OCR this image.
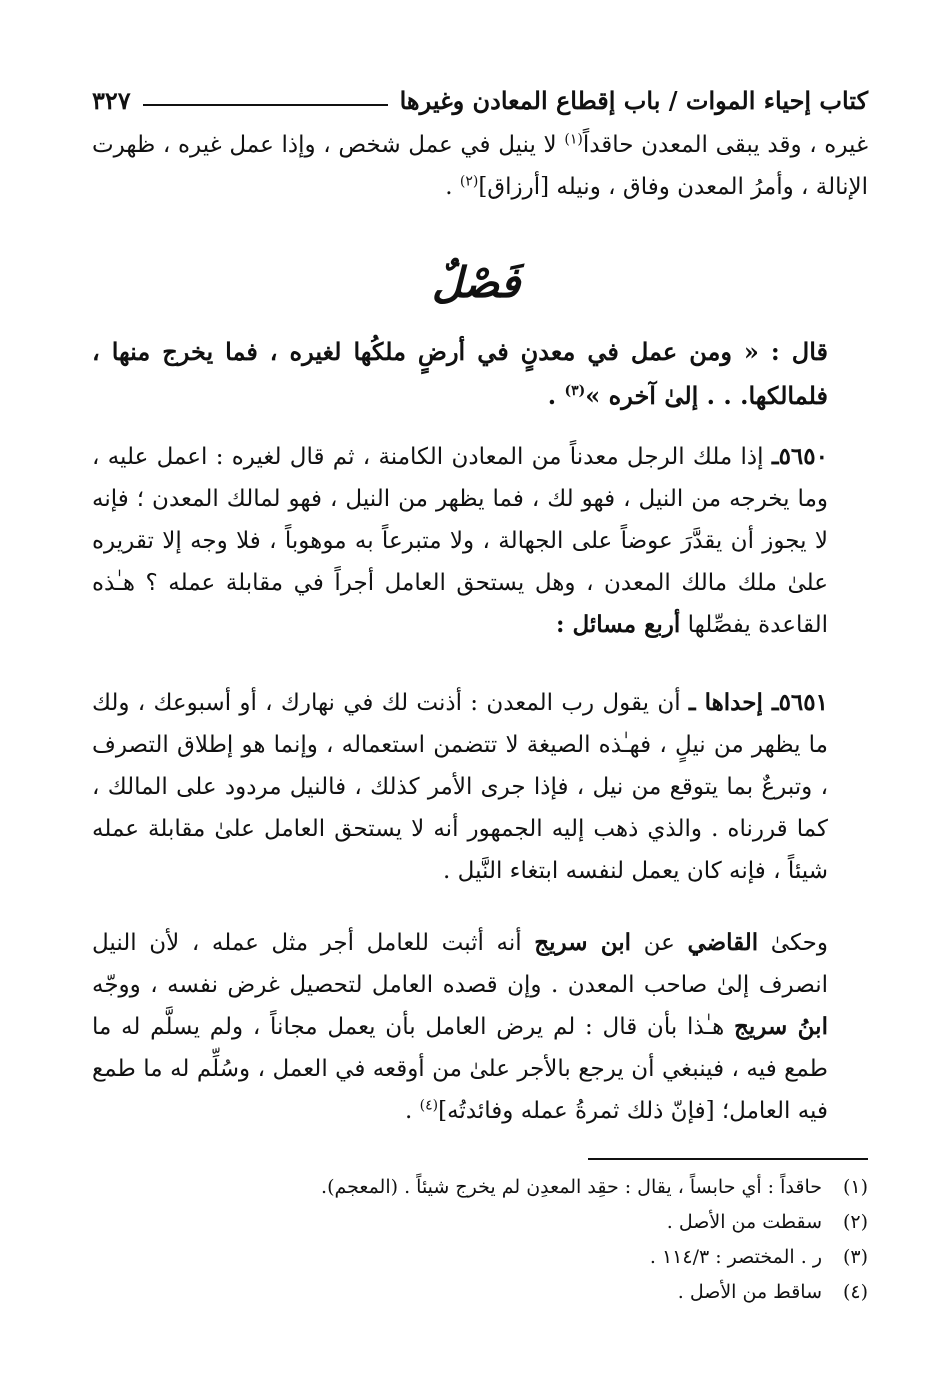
كتاب إحياء الموات / باب إقطاع المعادن وغيرها
٣٢٧

غيره ، وقد يبقى المعدن حاقداً$^{(١)}$ لا ينيل في عمل شخص ، وإذا عمل غيره ، ظهرت الإنالة ، وأمرُ المعدن وفاق ، ونيله [أرزاق]$^{(٢)}$ .

فَصْلٌ

قال : « ومن عمل في معدنٍ في أرضٍ ملكُها لغيره ، فما يخرج منها ، فلمالكها. . . إلىٰ آخره »$^{(٣)}$ .

٥٦٥٠ـ إذا ملك الرجل معدناً من المعادن الكامنة ، ثم قال لغيره : اعمل عليه ، وما يخرجه من النيل ، فهو لك ، فما يظهر من النيل ، فهو لمالك المعدن ؛ فإنه لا يجوز أن يقدَّرَ عوضاً على الجهالة ، ولا متبرعاً به موهوباً ، فلا وجه إلا تقريره علىٰ ملك مالك المعدن ، وهل يستحق العامل أجراً في مقابلة عمله ؟ هـٰذه القاعدة يفصِّلها أربع مسائل :

٥٦٥١ـ إحداها ـ أن يقول رب المعدن : أذنت لك في نهارك ، أو أسبوعك ، ولك ما يظهر من نيلٍ ، فهـٰذه الصيغة لا تتضمن استعماله ، وإنما هو إطلاق التصرف ، وتبرعٌ بما يتوقع من نيل ، فإذا جرى الأمر كذلك ، فالنيل مردود على المالك ، كما قررناه . والذي ذهب إليه الجمهور أنه لا يستحق العامل علىٰ مقابلة عمله شيئاً ، فإنه كان يعمل لنفسه ابتغاء النَّيل .

وحكىٰ القاضي عن ابن سريج أنه أثبت للعامل أجر مثل عمله ، لأن النيل انصرف إلىٰ صاحب المعدن . وإن قصده العامل لتحصيل غرض نفسه ، ووجّه ابنُ سريج هـٰذا بأن قال : لم يرض العامل بأن يعمل مجاناً ، ولم يسلَّم له ما طمع فيه ، فينبغي أن يرجع بالأجر علىٰ من أوقعه في العمل ، وسُلِّم له ما طمع فيه العامل؛ [فإنّ ذلك ثمرةُ عمله وفائدتُه]$^{(٤)}$ .

(١)
حاقداً : أي حابساً ، يقال : حقِد المعدِن لم يخرج شيئاً . (المعجم).
(٢)
سقطت من الأصل .
(٣)
ر . المختصر : ١١٤/٣ .
(٤)
ساقط من الأصل .
